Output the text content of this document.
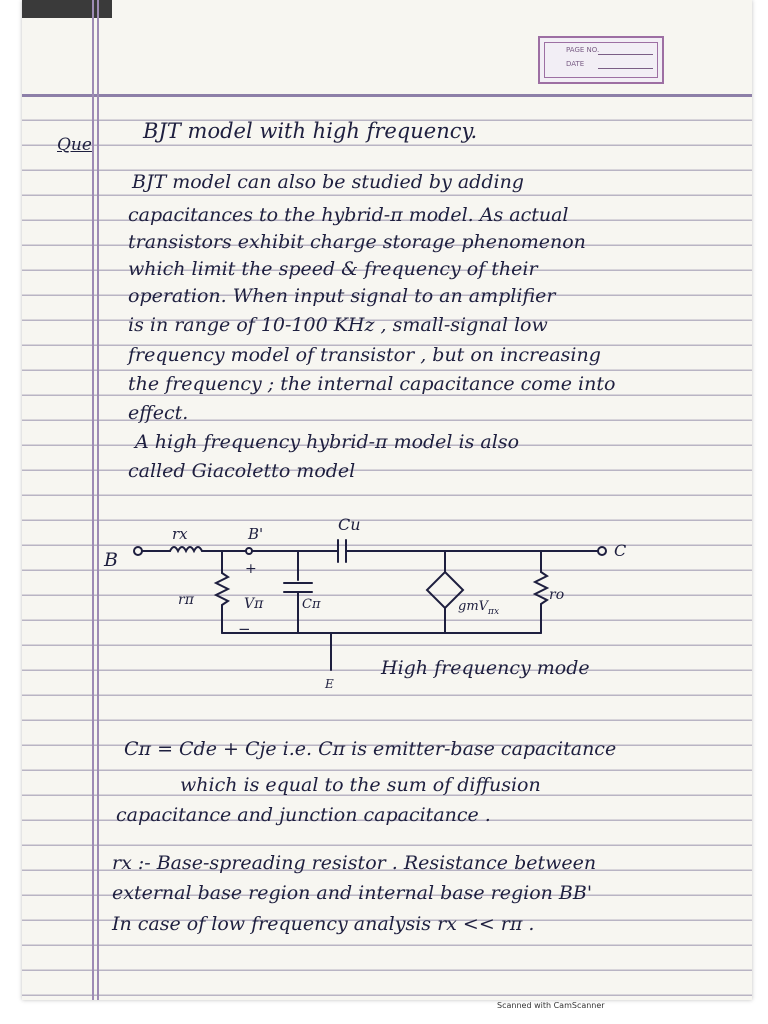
PAGE NO.
DATE
Que
BJT model with high frequency.
BJT model can also be studied by adding
capacitances to the hybrid-π model. As actual
transistors exhibit charge storage phenomenon
which limit the speed & frequency of their
operation. When input signal to an amplifier
is in range of 10-100 KHz , small-signal low
frequency model of transistor , but on increasing
the frequency ; the internal capacitance come into
effect.
A high frequency hybrid-π model is also
called Giacoletto model
B
rx	B'	Cu
C
rπ
+
Vπ
−
Cπ	gmV$_{\pi x}$
ro
E
High frequency mode
Cπ = Cde + Cje i.e. Cπ is emitter-base capacitance
which is equal to the sum of diffusion
capacitance and junction capacitance .
rx :- Base-spreading resistor . Resistance between
external base region and internal base region BB'
In case of low frequency analysis rx << rπ .
Scanned with CamScanner
